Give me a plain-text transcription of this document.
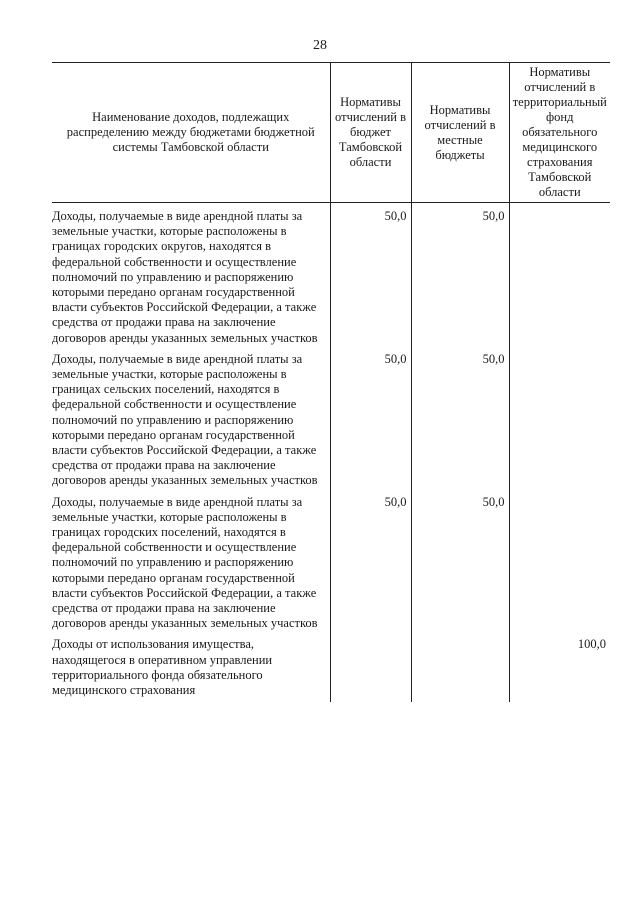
28
Наименование доходов, подлежащих распределению между бюджетами бюджетной системы Тамбовской области	Нормативы отчислений в бюджет Тамбовской области	Нормативы отчислений в местные бюджеты	Нормативы отчислений в территориальный фонд обязательного медицинского страхования Тамбовской области
Доходы, получаемые в виде арендной платы за земельные участки, которые расположены в границах городских округов, находятся в федеральной собственности и осуществление полномочий по управлению и распоряжению которыми передано органам государственной власти субъектов Российской Федерации, а также средства от продажи права на заключение договоров аренды указанных земельных участков	50,0	50,0	
Доходы, получаемые в виде арендной платы за земельные участки, которые расположены в границах сельских поселений, находятся в федеральной собственности и осуществление полномочий по управлению и распоряжению которыми передано органам государственной власти субъектов Российской Федерации, а также средства от продажи права на заключение договоров аренды указанных земельных участков	50,0	50,0	
Доходы, получаемые в виде арендной платы за земельные участки, которые расположены в границах городских поселений, находятся в федеральной собственности и осуществление полномочий по управлению и распоряжению которыми передано органам государственной власти субъектов Российской Федерации, а также средства от продажи права на заключение договоров аренды указанных земельных участков	50,0	50,0	
Доходы от использования имущества, находящегося в оперативном управлении территориального фонда обязательного медицинского страхования			100,0
